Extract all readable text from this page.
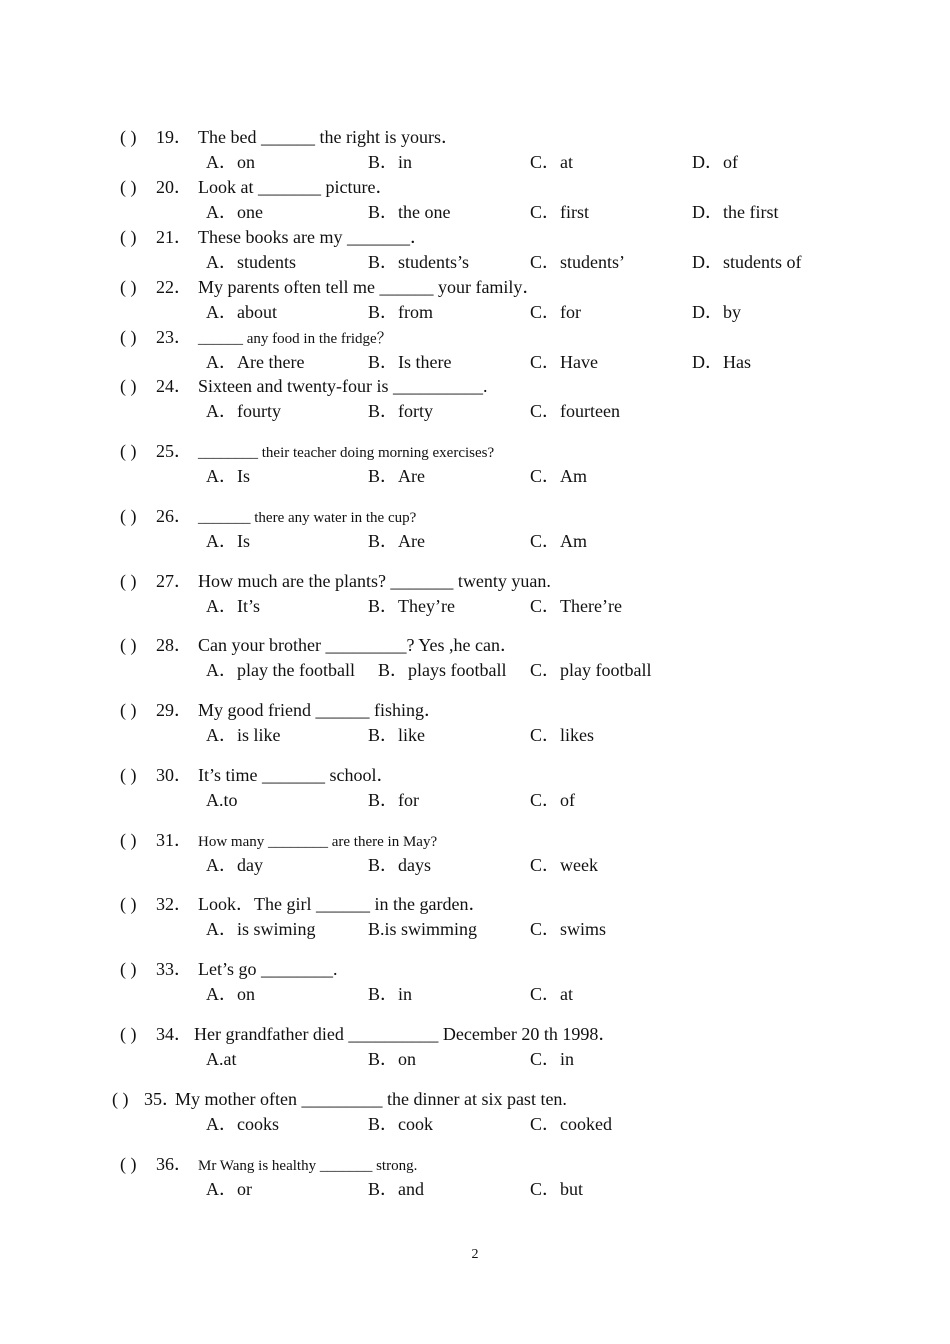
( ) 19． The bed ______ the right is yours．
A．on	B．in	C．at	D．of
( ) 20． Look at _______ picture．
A．one	B．the one	C．first	D．the first
( ) 21． These books are my _______．
A．students	B．students’s	C．students’	D．students of
( ) 22． My parents often tell me ______ your family．
A．about	B．from	C．for	D．by
( ) 23． ______ any food in the fridge？
A．Are there	B．Is there	C．Have	D．Has
( ) 24． Sixteen and twenty-four is __________.
A．fourty	B．forty	C．fourteen
( ) 25． ________ their teacher doing morning exercises?
A．Is	B．Are	C．Am
( ) 26． _______ there any water in the cup?
A．Is	B．Are	C．Am
( ) 27． How much are the plants? _______ twenty yuan.
A．It’s	B．They’re	C．There’re
( ) 28． Can your brother _________? Yes ,he can．
A．play the football B．plays football C．play football
( ) 29． My good friend ______ fishing．
A．is like	B．like	C．likes
( ) 30． It’s time _______ school．
A.to	B．for	C．of
( ) 31． How many ________ are there in May?
A．day	B．days	C．week
( ) 32． Look．The girl ______ in the garden．
A．is swiming	B.is swimming	C．swims
( ) 33． Let’s go ________.
A．on	B．in	C．at
( ) 34． Her grandfather died __________ December 20 th 1998．
A.at	B．on	C．in
( ) 35．My mother often _________ the dinner at six past ten.
A．cooks	B．cook	C．cooked
( ) 36． Mr Wang is healthy _______ strong.
A．or	B．and	C．but
2
